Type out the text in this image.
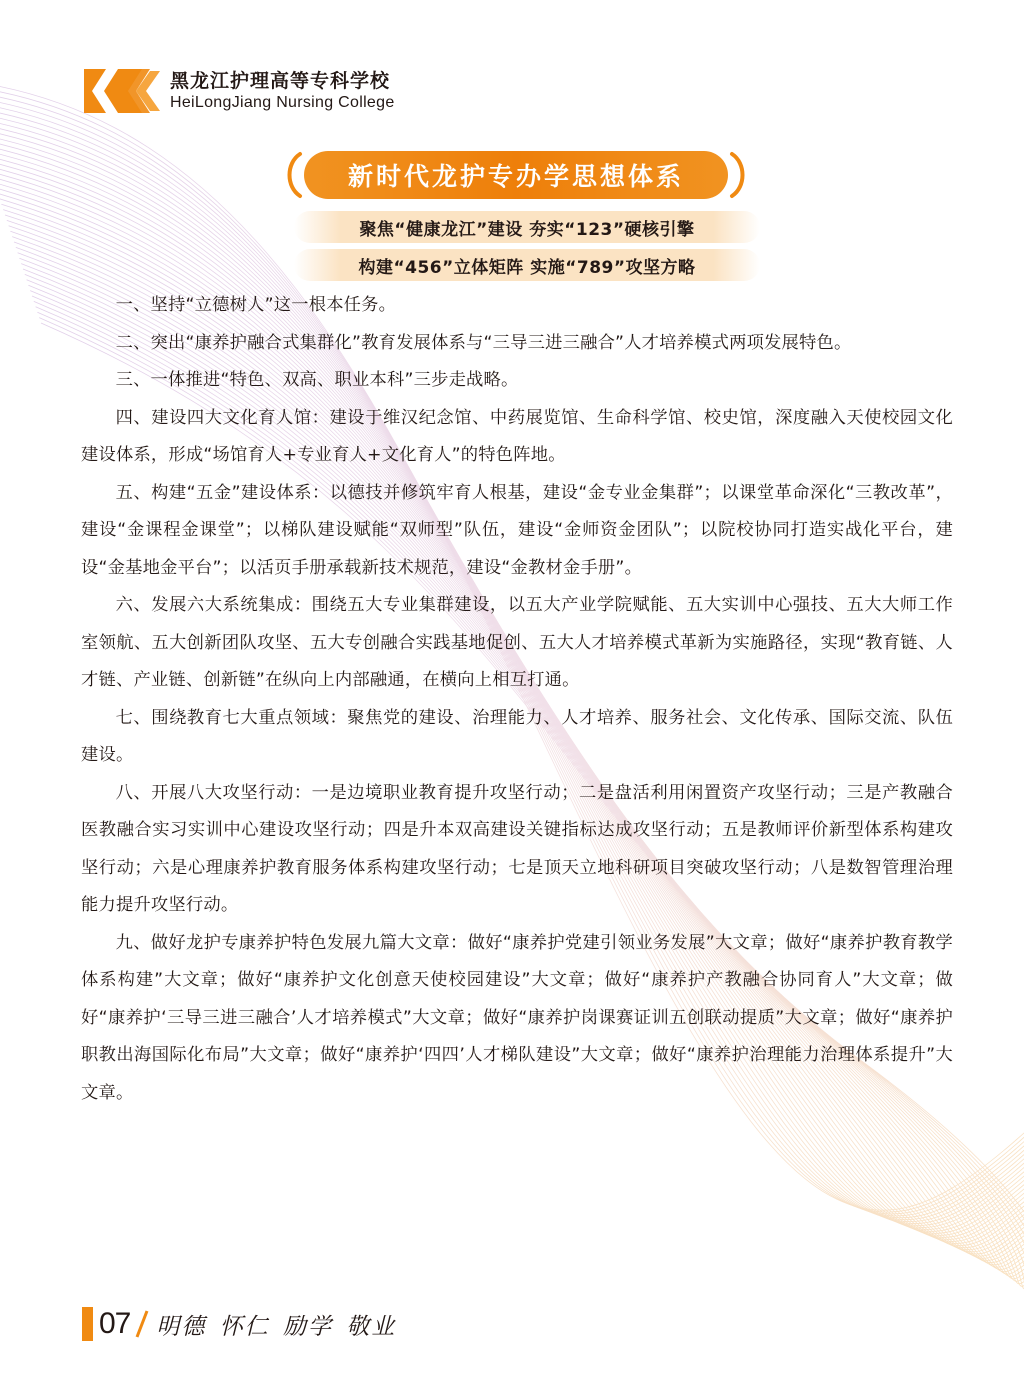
黑龙江护理高等专科学校
HeiLongJiang Nursing College
新时代龙护专办学思想体系
聚焦“健康龙江”建设 夯实“123”硬核引擎
构建“456”立体矩阵 实施“789”攻坚方略

一、坚持“立德树人”这一根本任务。

二、突出“康养护融合式集群化”教育发展体系与“三导三进三融合”人才培养模式两项发展特色。

三、一体推进“特色、双高、职业本科”三步走战略。

四、建设四大文化育人馆：建设于维汉纪念馆、中药展览馆、生命科学馆、校史馆，深度融入天使校园文化建设体系，形成“场馆育人+专业育人+文化育人”的特色阵地。

五、构建“五金”建设体系：以德技并修筑牢育人根基，建设“金专业金集群”；以课堂革命深化“三教改革”，建设“金课程金课堂”；以梯队建设赋能“双师型”队伍，建设“金师资金团队”；以院校协同打造实战化平台，建设“金基地金平台”；以活页手册承载新技术规范，建设“金教材金手册”。

六、发展六大系统集成：围绕五大专业集群建设，以五大产业学院赋能、五大实训中心强技、五大大师工作室领航、五大创新团队攻坚、五大专创融合实践基地促创、五大人才培养模式革新为实施路径，实现“教育链、人才链、产业链、创新链”在纵向上内部融通，在横向上相互打通。

七、围绕教育七大重点领域：聚焦党的建设、治理能力、人才培养、服务社会、文化传承、国际交流、队伍建设。

八、开展八大攻坚行动：一是边境职业教育提升攻坚行动；二是盘活利用闲置资产攻坚行动；三是产教融合医教融合实习实训中心建设攻坚行动；四是升本双高建设关键指标达成攻坚行动；五是教师评价新型体系构建攻坚行动；六是心理康养护教育服务体系构建攻坚行动；七是顶天立地科研项目突破攻坚行动；八是数智管理治理能力提升攻坚行动。

九、做好龙护专康养护特色发展九篇大文章：做好“康养护党建引领业务发展”大文章；做好“康养护教育教学体系构建”大文章；做好“康养护文化创意天使校园建设”大文章；做好“康养护产教融合协同育人”大文章；做好“康养护‘三导三进三融合’人才培养模式”大文章；做好“康养护岗课赛证训五创联动提质”大文章；做好“康养护职教出海国际化布局”大文章；做好“康养护‘四四’人才梯队建设”大文章；做好“康养护治理能力治理体系提升”大文章。

07 明德 怀仁 励学 敬业
